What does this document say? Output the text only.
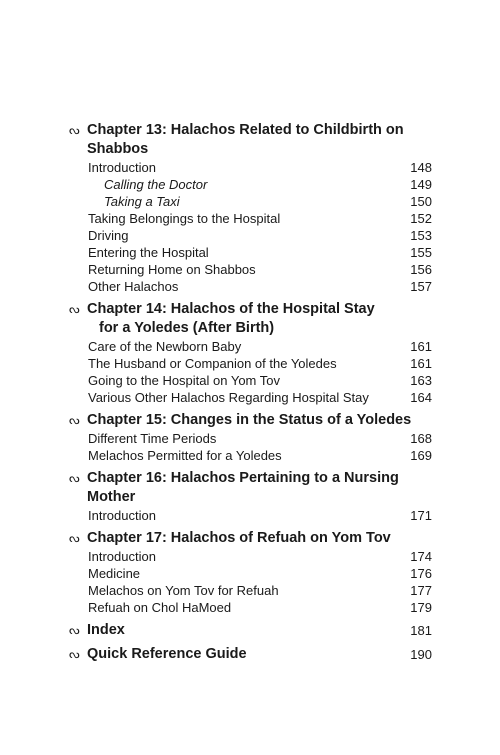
ᔓ Chapter 13: Halachos Related to Childbirth on Shabbos
Introduction	148
Calling the Doctor	149
Taking a Taxi	150
Taking Belongings to the Hospital	152
Driving	153
Entering the Hospital	155
Returning Home on Shabbos	156
Other Halachos	157
ᔓ Chapter 14: Halachos of the Hospital Stay
for a Yoledes (After Birth)
Care of the Newborn Baby	161
The Husband or Companion of the Yoledes	161
Going to the Hospital on Yom Tov	163
Various Other Halachos Regarding Hospital Stay	164
ᔓ Chapter 15: Changes in the Status of a Yoledes
Different Time Periods	168
Melachos Permitted for a Yoledes	169
ᔓ Chapter 16: Halachos Pertaining to a Nursing Mother
Introduction	171
ᔓ Chapter 17: Halachos of Refuah on Yom Tov
Introduction	174
Medicine	176
Melachos on Yom Tov for Refuah	177
Refuah on Chol HaMoed	179
ᔓ Index	181
ᔓ Quick Reference Guide	190
